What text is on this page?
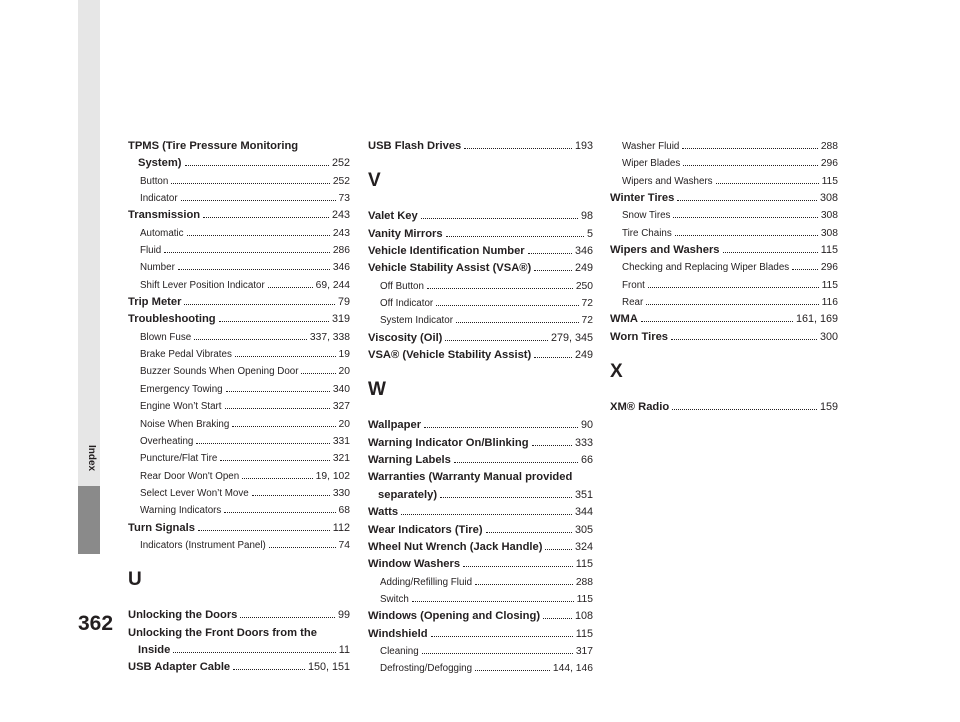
Index
362
TPMS (Tire Pressure Monitoring
System)	252
Button	252
Indicator	73
Transmission	243
Automatic	243
Fluid	286
Number	346
Shift Lever Position Indicator	69, 244
Trip Meter	79
Troubleshooting	319
Blown Fuse	337, 338
Brake Pedal Vibrates	19
Buzzer Sounds When Opening Door	20
Emergency Towing	340
Engine Won’t Start	327
Noise When Braking	20
Overheating	331
Puncture/Flat Tire	321
Rear Door Won't Open	19, 102
Select Lever Won’t Move	330
Warning Indicators	68
Turn Signals	112
Indicators (Instrument Panel)	74
U
Unlocking the Doors	99
Unlocking the Front Doors from the
Inside	11
USB Adapter Cable	150, 151
USB Flash Drives	193
V
Valet Key	98
Vanity Mirrors	5
Vehicle Identification Number	346
Vehicle Stability Assist (VSA®)	249
Off Button	250
Off Indicator	72
System Indicator	72
Viscosity (Oil)	279, 345
VSA® (Vehicle Stability Assist)	249
W
Wallpaper	90
Warning Indicator On/Blinking	333
Warning Labels	66
Warranties (Warranty Manual provided
separately)	351
Watts	344
Wear Indicators (Tire)	305
Wheel Nut Wrench (Jack Handle)	324
Window Washers	115
Adding/Refilling Fluid	288
Switch	115
Windows (Opening and Closing)	108
Windshield	115
Cleaning	317
Defrosting/Defogging	144, 146
Washer Fluid	288
Wiper Blades	296
Wipers and Washers	115
Winter Tires	308
Snow Tires	308
Tire Chains	308
Wipers and Washers	115
Checking and Replacing Wiper Blades	296
Front	115
Rear	116
WMA	161, 169
Worn Tires	300
X
XM® Radio	159
